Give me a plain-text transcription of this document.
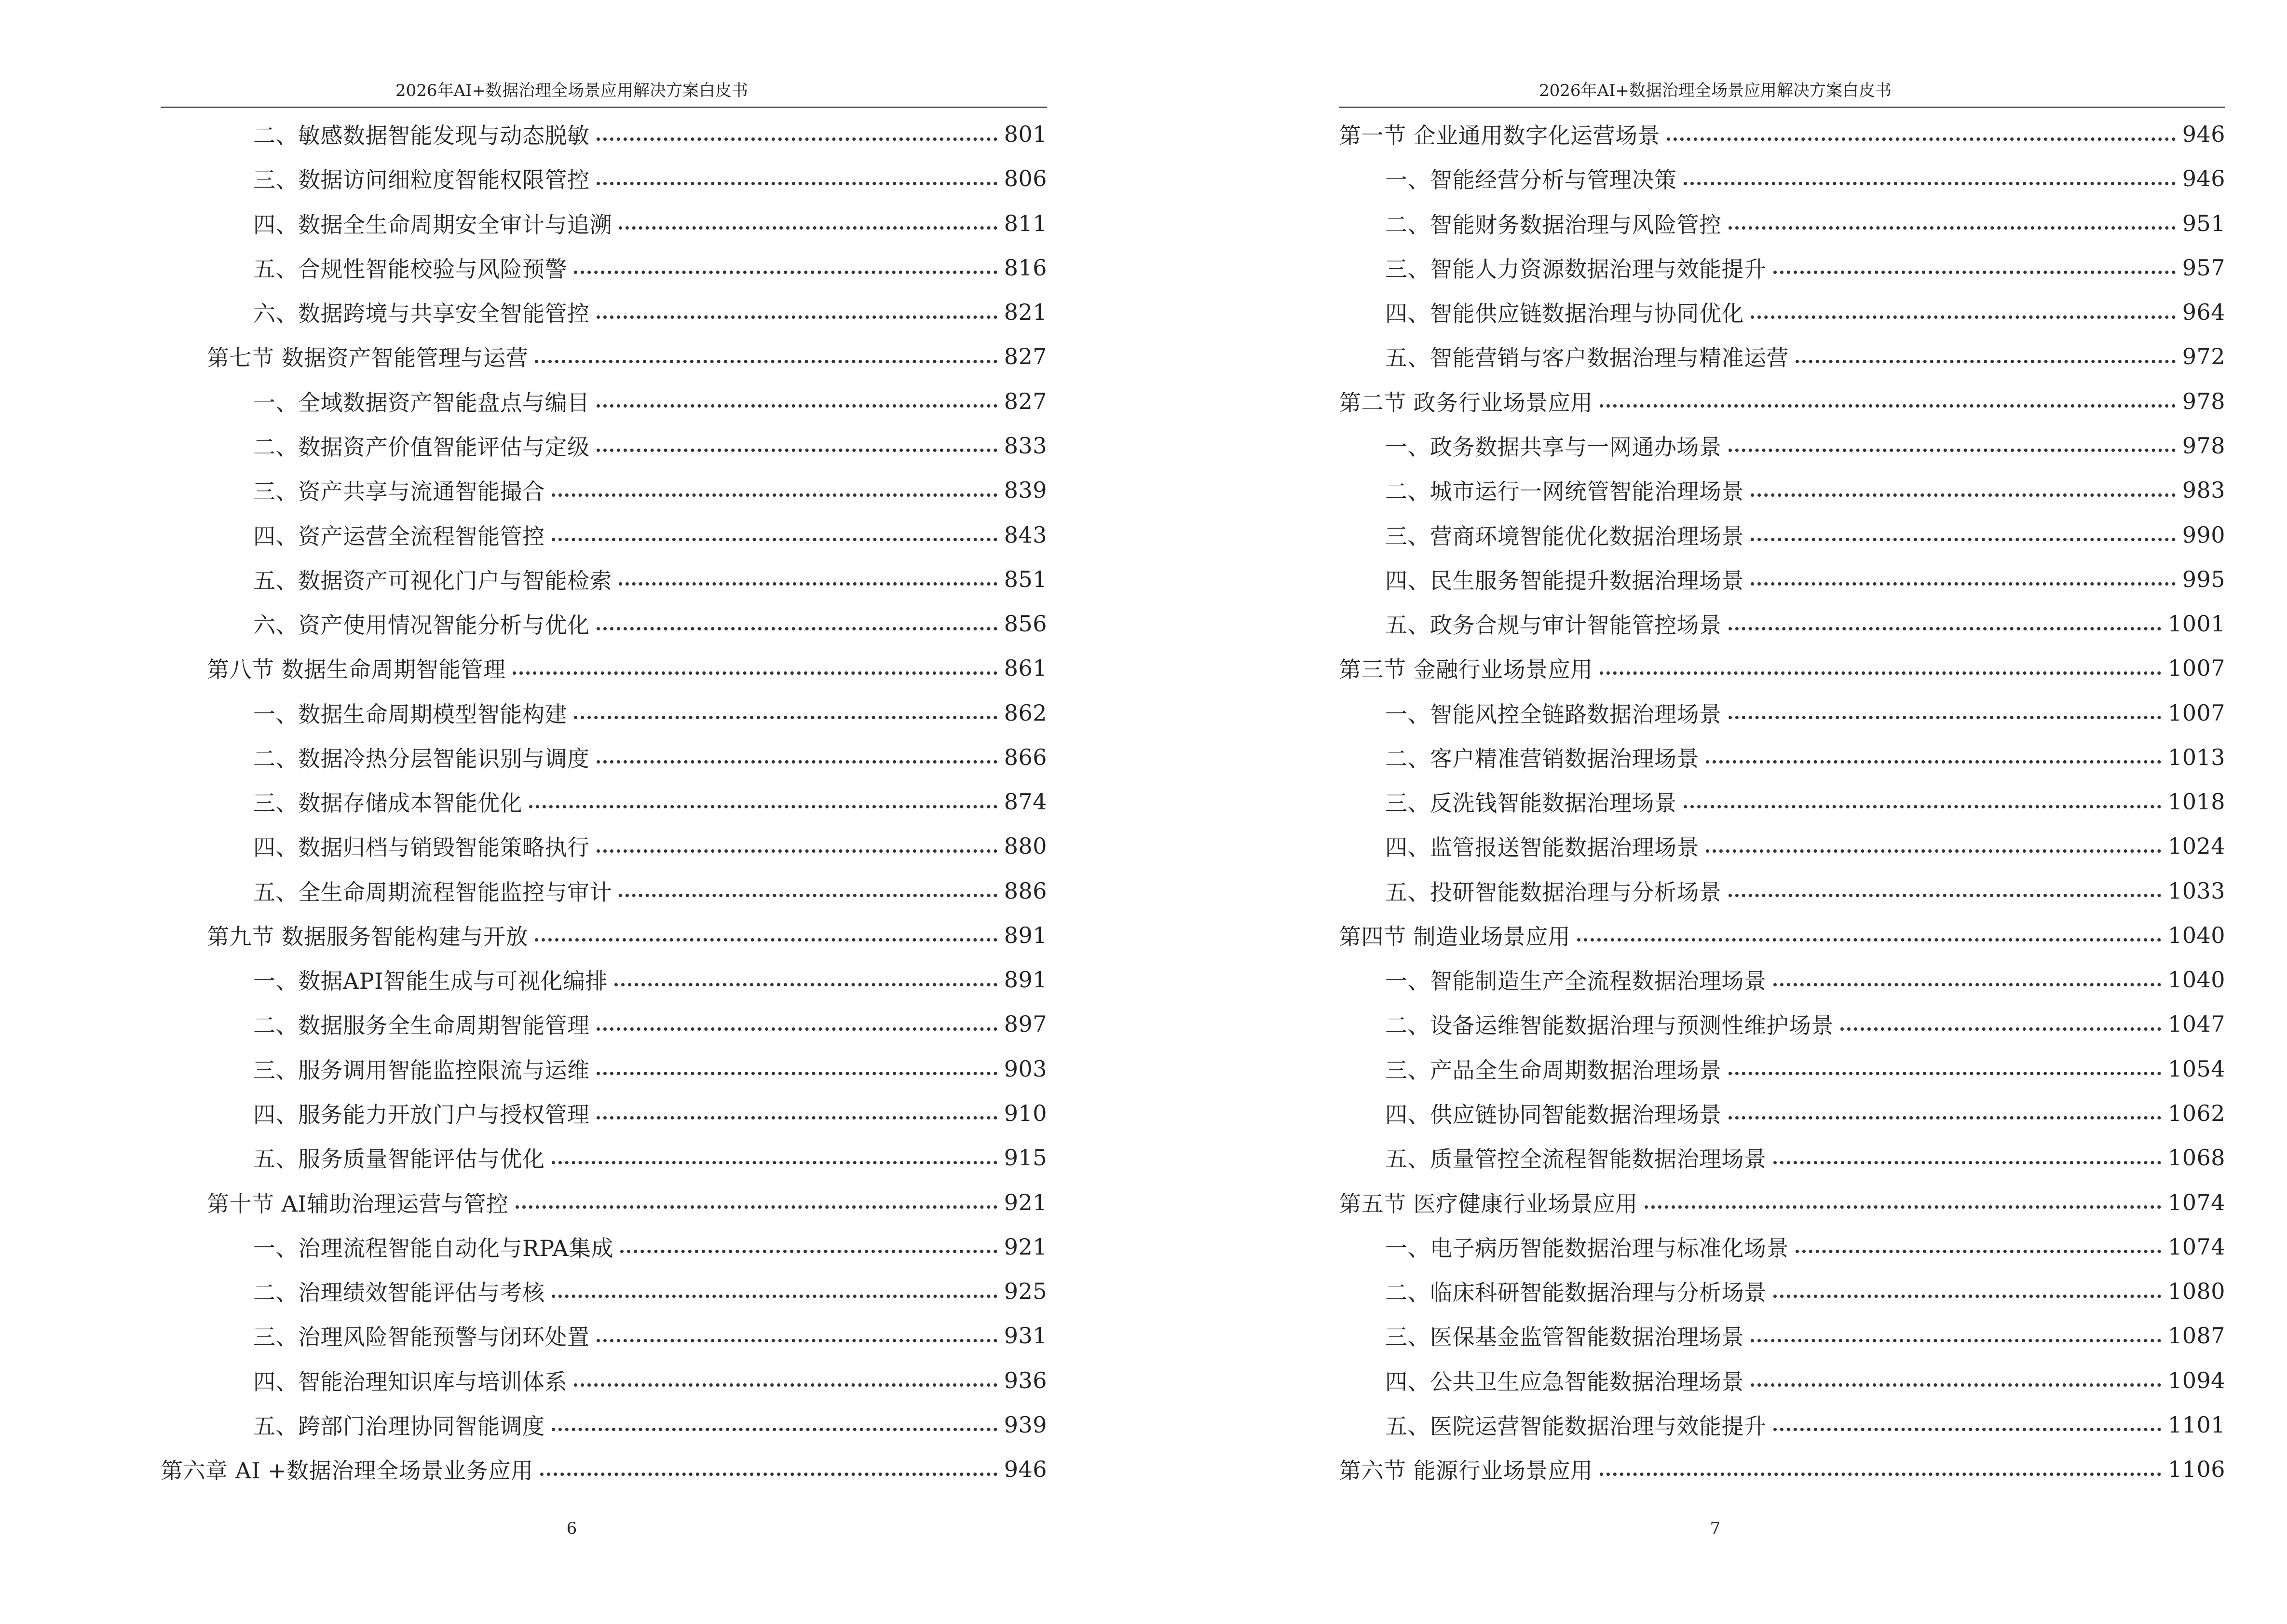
2026年AI+数据治理全场景应用解决方案白皮书
二、敏感数据智能发现与动态脱敏	801
三、数据访问细粒度智能权限管控	806
四、数据全生命周期安全审计与追溯	811
五、合规性智能校验与风险预警	816
六、数据跨境与共享安全智能管控	821
第七节 数据资产智能管理与运营	827
一、全域数据资产智能盘点与编目	827
二、数据资产价值智能评估与定级	833
三、资产共享与流通智能撮合	839
四、资产运营全流程智能管控	843
五、数据资产可视化门户与智能检索	851
六、资产使用情况智能分析与优化	856
第八节 数据生命周期智能管理	861
一、数据生命周期模型智能构建	862
二、数据冷热分层智能识别与调度	866
三、数据存储成本智能优化	874
四、数据归档与销毁智能策略执行	880
五、全生命周期流程智能监控与审计	886
第九节 数据服务智能构建与开放	891
一、数据API智能生成与可视化编排	891
二、数据服务全生命周期智能管理	897
三、服务调用智能监控限流与运维	903
四、服务能力开放门户与授权管理	910
五、服务质量智能评估与优化	915
第十节 AI辅助治理运营与管控	921
一、治理流程智能自动化与RPA集成	921
二、治理绩效智能评估与考核	925
三、治理风险智能预警与闭环处置	931
四、智能治理知识库与培训体系	936
五、跨部门治理协同智能调度	939
第六章 AI +数据治理全场景业务应用	946
6
2026年AI+数据治理全场景应用解决方案白皮书
第一节 企业通用数字化运营场景	946
一、智能经营分析与管理决策	946
二、智能财务数据治理与风险管控	951
三、智能人力资源数据治理与效能提升	957
四、智能供应链数据治理与协同优化	964
五、智能营销与客户数据治理与精准运营	972
第二节 政务行业场景应用	978
一、政务数据共享与一网通办场景	978
二、城市运行一网统管智能治理场景	983
三、营商环境智能优化数据治理场景	990
四、民生服务智能提升数据治理场景	995
五、政务合规与审计智能管控场景	1001
第三节 金融行业场景应用	1007
一、智能风控全链路数据治理场景	1007
二、客户精准营销数据治理场景	1013
三、反洗钱智能数据治理场景	1018
四、监管报送智能数据治理场景	1024
五、投研智能数据治理与分析场景	1033
第四节 制造业场景应用	1040
一、智能制造生产全流程数据治理场景	1040
二、设备运维智能数据治理与预测性维护场景	1047
三、产品全生命周期数据治理场景	1054
四、供应链协同智能数据治理场景	1062
五、质量管控全流程智能数据治理场景	1068
第五节 医疗健康行业场景应用	1074
一、电子病历智能数据治理与标准化场景	1074
二、临床科研智能数据治理与分析场景	1080
三、医保基金监管智能数据治理场景	1087
四、公共卫生应急智能数据治理场景	1094
五、医院运营智能数据治理与效能提升	1101
第六节 能源行业场景应用	1106
7
